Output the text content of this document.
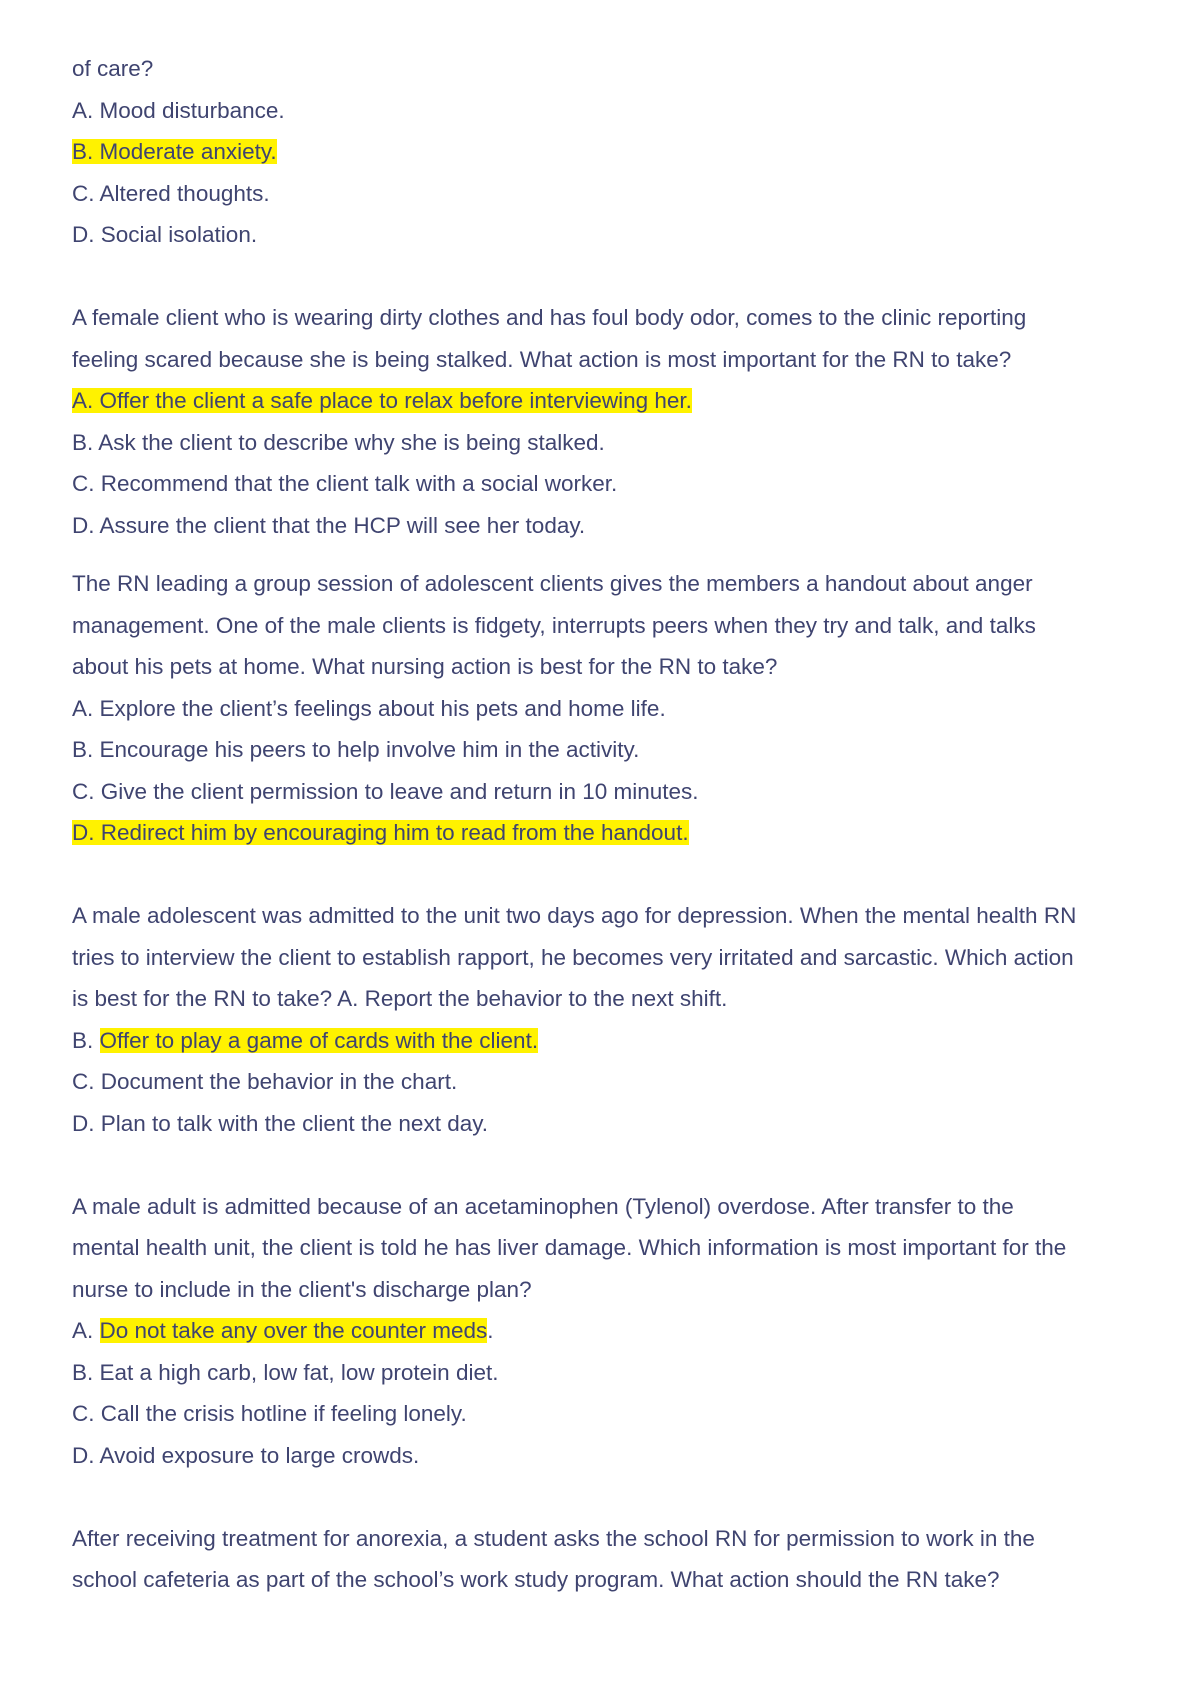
of care?
A. Mood disturbance.
B. Moderate anxiety.
C. Altered thoughts.
D. Social isolation.
A female client who is wearing dirty clothes and has foul body odor, comes to the clinic reporting
feeling scared because she is being stalked. What action is most important for the RN to take?
A. Offer the client a safe place to relax before interviewing her.
B. Ask the client to describe why she is being stalked.
C. Recommend that the client talk with a social worker.
D. Assure the client that the HCP will see her today.
The RN leading a group session of adolescent clients gives the members a handout about anger
management. One of the male clients is fidgety, interrupts peers when they try and talk, and talks
about his pets at home. What nursing action is best for the RN to take?
A. Explore the client’s feelings about his pets and home life.
B. Encourage his peers to help involve him in the activity.
C. Give the client permission to leave and return in 10 minutes.
D. Redirect him by encouraging him to read from the handout.
A male adolescent was admitted to the unit two days ago for depression. When the mental health RN
tries to interview the client to establish rapport, he becomes very irritated and sarcastic. Which action
is best for the RN to take? A. Report the behavior to the next shift.
B. Offer to play a game of cards with the client.
C. Document the behavior in the chart.
D. Plan to talk with the client the next day.
A male adult is admitted because of an acetaminophen (Tylenol) overdose. After transfer to the
mental health unit, the client is told he has liver damage. Which information is most important for the
nurse to include in the client's discharge plan?
A. Do not take any over the counter meds.
B. Eat a high carb, low fat, low protein diet.
C. Call the crisis hotline if feeling lonely.
D. Avoid exposure to large crowds.
After receiving treatment for anorexia, a student asks the school RN for permission to work in the
school cafeteria as part of the school’s work study program. What action should the RN take?
